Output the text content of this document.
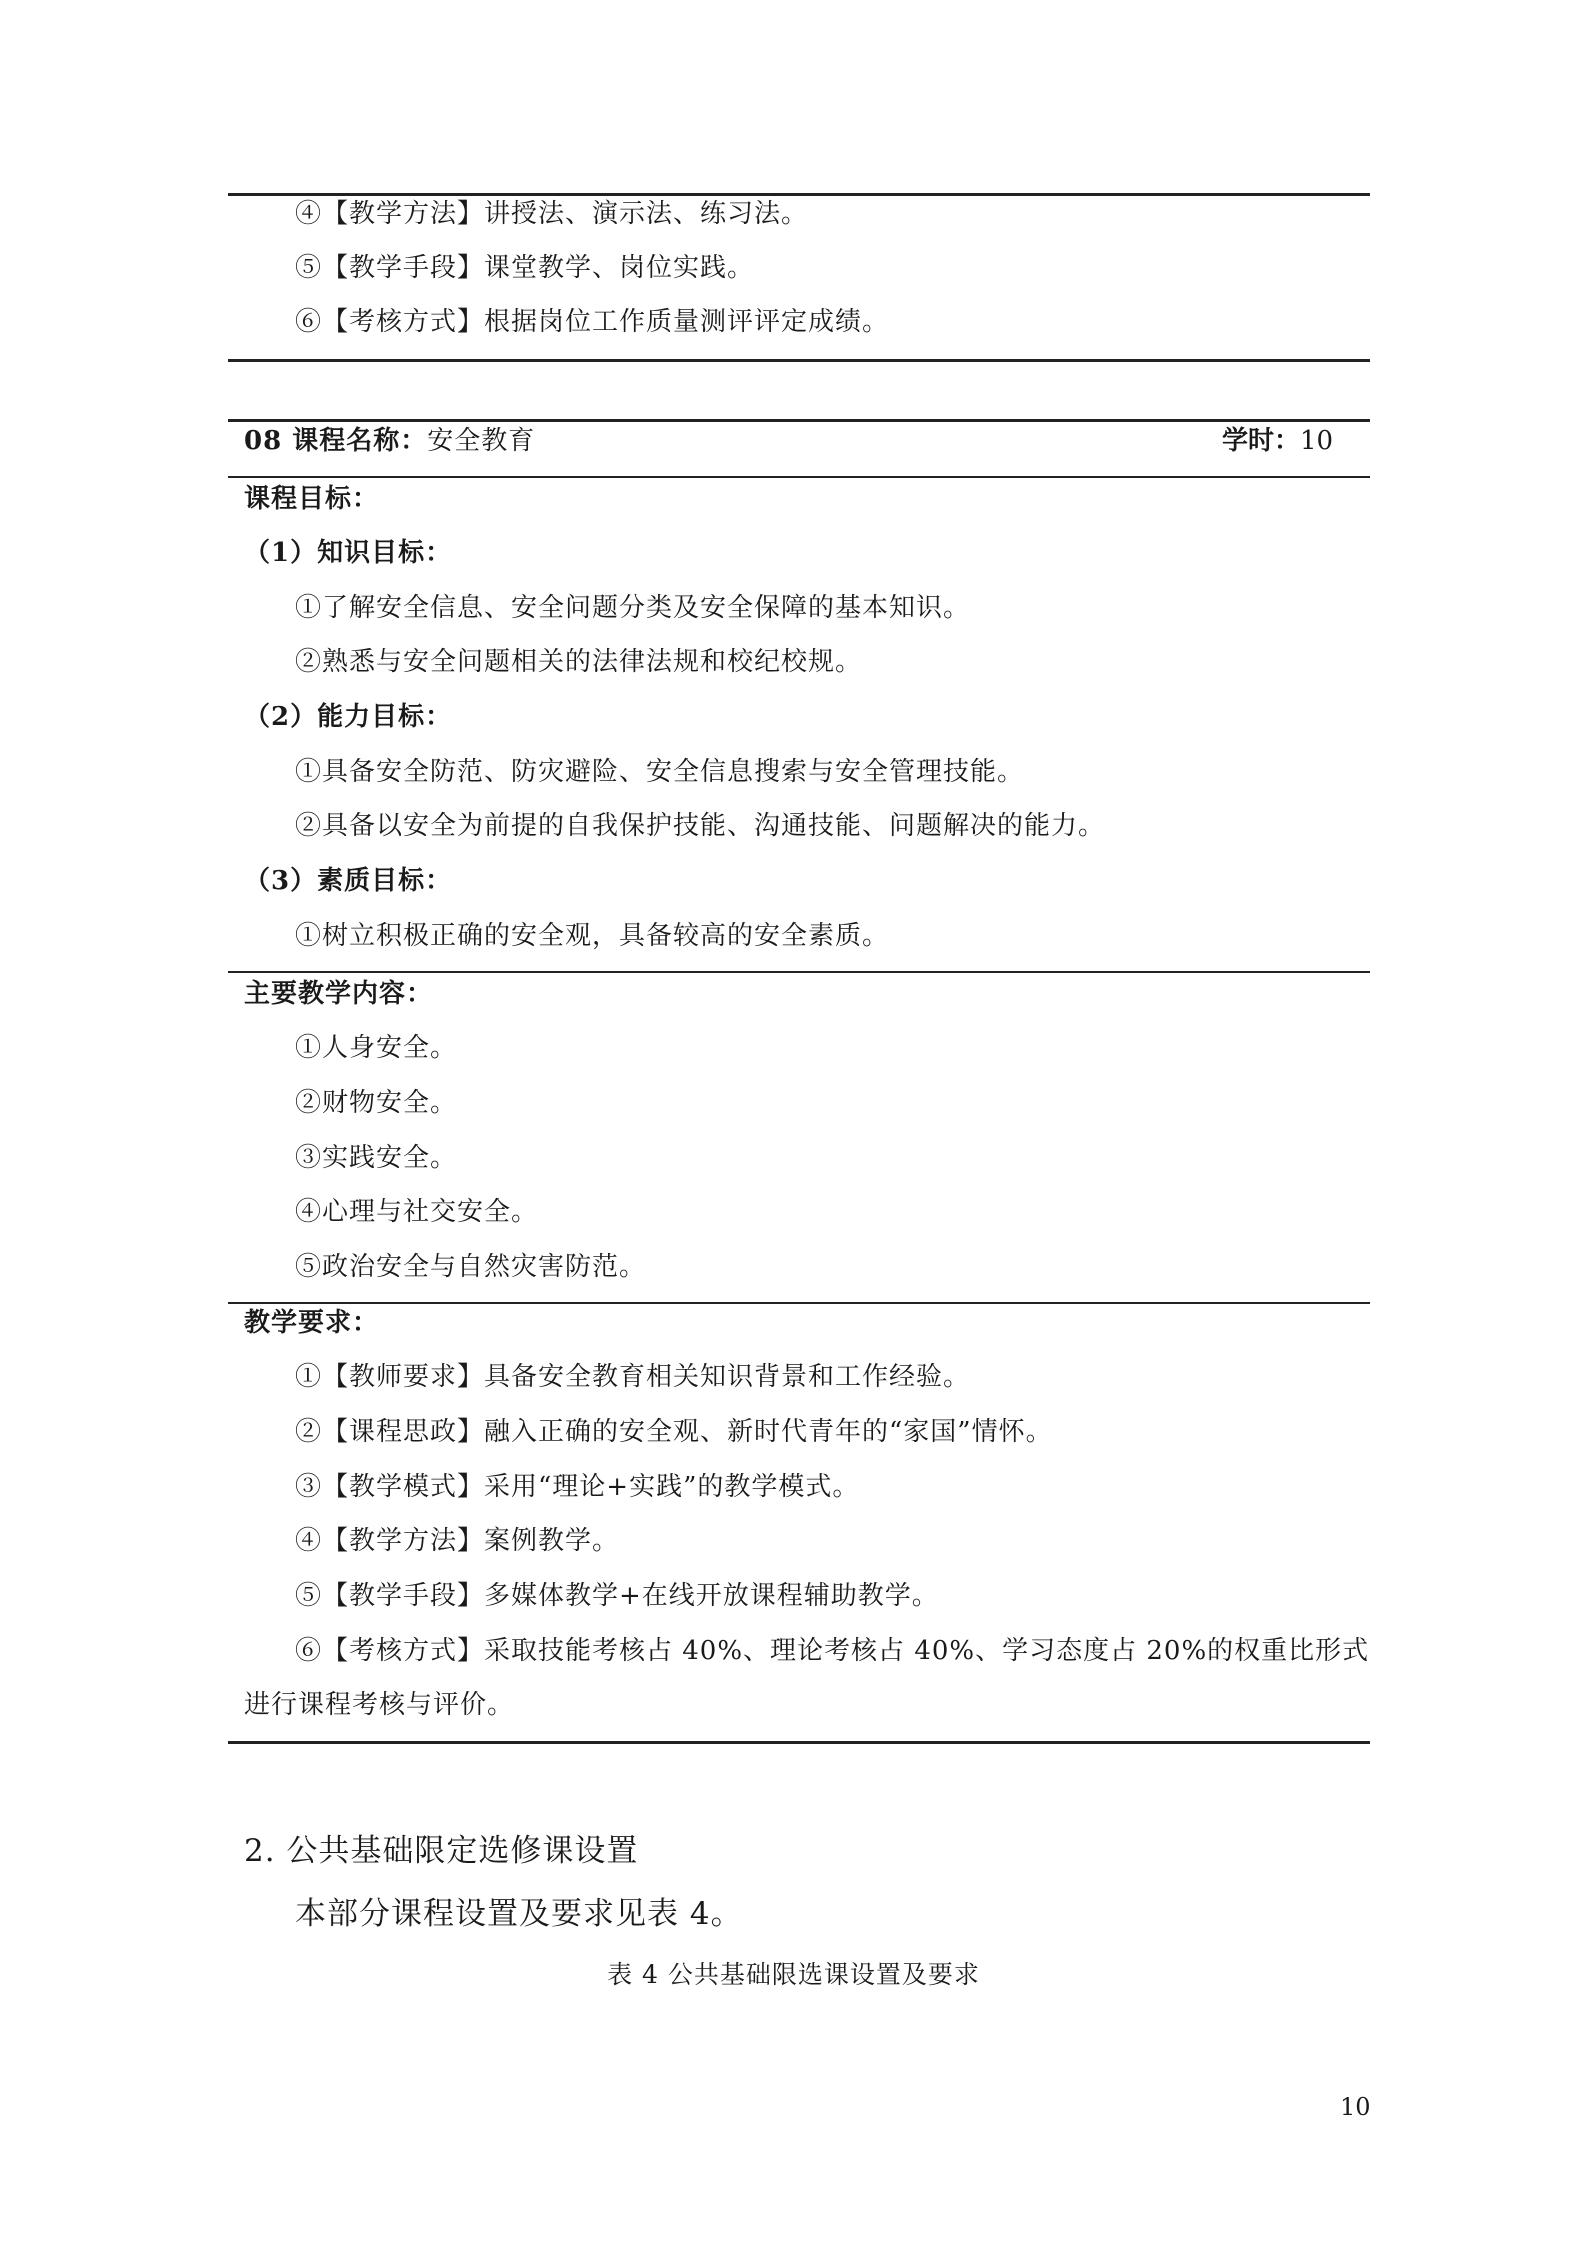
④【教学方法】讲授法、演示法、练习法。
⑤【教学手段】课堂教学、岗位实践。
⑥【考核方式】根据岗位工作质量测评评定成绩。
08 课程名称：安全教育	学时：10
课程目标：
（1）知识目标：
①了解安全信息、安全问题分类及安全保障的基本知识。
②熟悉与安全问题相关的法律法规和校纪校规。
（2）能力目标：
①具备安全防范、防灾避险、安全信息搜索与安全管理技能。
②具备以安全为前提的自我保护技能、沟通技能、问题解决的能力。
（3）素质目标：
①树立积极正确的安全观，具备较高的安全素质。
主要教学内容：
①人身安全。
②财物安全。
③实践安全。
④心理与社交安全。
⑤政治安全与自然灾害防范。
教学要求：
①【教师要求】具备安全教育相关知识背景和工作经验。
②【课程思政】融入正确的安全观、新时代青年的“家国”情怀。
③【教学模式】采用“理论+实践”的教学模式。
④【教学方法】案例教学。
⑤【教学手段】多媒体教学+在线开放课程辅助教学。
⑥【考核方式】采取技能考核占 40%、理论考核占 40%、学习态度占 20%的权重比形式
进行课程考核与评价。
2. 公共基础限定选修课设置
本部分课程设置及要求见表 4。
表 4 公共基础限选课设置及要求
10
